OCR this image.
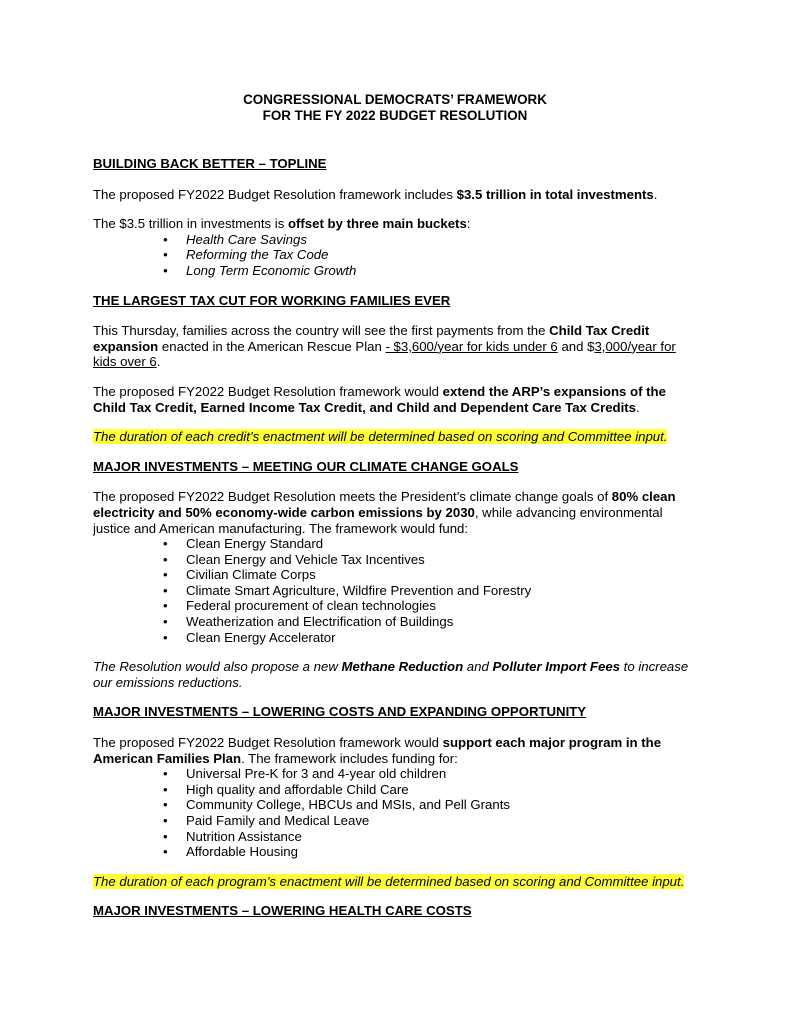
CONGRESSIONAL DEMOCRATS’ FRAMEWORK
FOR THE FY 2022 BUDGET RESOLUTION

BUILDING BACK BETTER – TOPLINE

The proposed FY2022 Budget Resolution framework includes $3.5 trillion in total investments.

The $3.5 trillion in investments is offset by three main buckets:

• Health Care Savings
• Reforming the Tax Code
• Long Term Economic Growth

THE LARGEST TAX CUT FOR WORKING FAMILIES EVER

This Thursday, families across the country will see the first payments from the Child Tax Credit expansion enacted in the American Rescue Plan - $3,600/year for kids under 6 and $3,000/year for kids over 6.

The proposed FY2022 Budget Resolution framework would extend the ARP’s expansions of the Child Tax Credit, Earned Income Tax Credit, and Child and Dependent Care Tax Credits.

The duration of each credit’s enactment will be determined based on scoring and Committee input.

MAJOR INVESTMENTS – MEETING OUR CLIMATE CHANGE GOALS

The proposed FY2022 Budget Resolution meets the President’s climate change goals of 80% clean electricity and 50% economy-wide carbon emissions by 2030, while advancing environmental justice and American manufacturing. The framework would fund:

• Clean Energy Standard
• Clean Energy and Vehicle Tax Incentives
• Civilian Climate Corps
• Climate Smart Agriculture, Wildfire Prevention and Forestry
• Federal procurement of clean technologies
• Weatherization and Electrification of Buildings
• Clean Energy Accelerator

The Resolution would also propose a new Methane Reduction and Polluter Import Fees to increase our emissions reductions.

MAJOR INVESTMENTS – LOWERING COSTS AND EXPANDING OPPORTUNITY

The proposed FY2022 Budget Resolution framework would support each major program in the American Families Plan. The framework includes funding for:

• Universal Pre-K for 3 and 4-year old children
• High quality and affordable Child Care
• Community College, HBCUs and MSIs, and Pell Grants
• Paid Family and Medical Leave
• Nutrition Assistance
• Affordable Housing

The duration of each program’s enactment will be determined based on scoring and Committee input.

MAJOR INVESTMENTS – LOWERING HEALTH CARE COSTS
